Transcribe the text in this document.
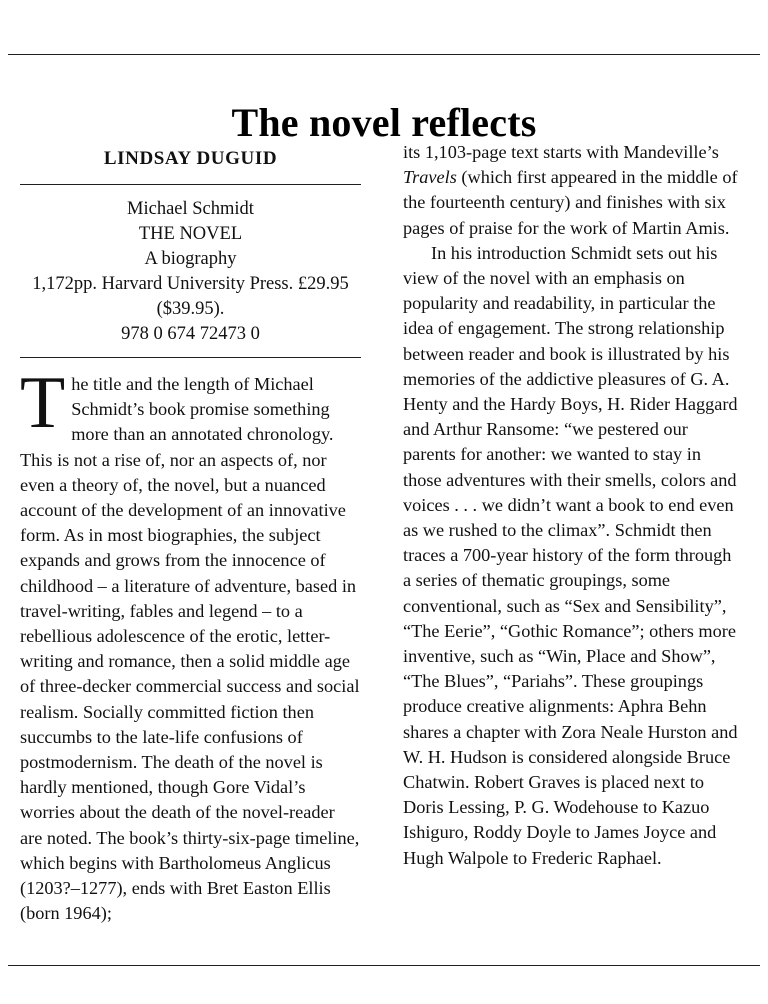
The novel reflects
LINDSAY DUGUID
Michael Schmidt
THE NOVEL
A biography
1,172pp. Harvard University Press. £29.95
($39.95).
978 0 674 72473 0

The title and the length of Michael Schmidt’s book promise something more than an annotated chronology. This is not a rise of, nor an aspects of, nor even a theory of, the novel, but a nuanced account of the development of an innovative form. As in most biographies, the subject expands and grows from the innocence of childhood – a literature of adventure, based in travel-writing, fables and legend – to a rebellious adolescence of the erotic, letter-writing and romance, then a solid middle age of three-decker commercial success and social realism. Socially committed fiction then succumbs to the late-life confusions of postmodernism. The death of the novel is hardly mentioned, though Gore Vidal’s worries about the death of the novel-reader are noted. The book’s thirty-six-page timeline, which begins with Bartholomeus Anglicus (1203?–1277), ends with Bret Easton Ellis (born 1964);

its 1,103-page text starts with Mandeville’s Travels (which first appeared in the middle of the fourteenth century) and finishes with six pages of praise for the work of Martin Amis.

In his introduction Schmidt sets out his view of the novel with an emphasis on popularity and readability, in particular the idea of engagement. The strong relationship between reader and book is illustrated by his memories of the addictive pleasures of G. A. Henty and the Hardy Boys, H. Rider Haggard and Arthur Ransome: “we pestered our parents for another: we wanted to stay in those adventures with their smells, colors and voices . . . we didn’t want a book to end even as we rushed to the climax”. Schmidt then traces a 700-year history of the form through a series of thematic groupings, some conventional, such as “Sex and Sensibility”, “The Eerie”, “Gothic Romance”; others more inventive, such as “Win, Place and Show”, “The Blues”, “Pariahs”. These groupings produce creative alignments: Aphra Behn shares a chapter with Zora Neale Hurston and W. H. Hudson is considered alongside Bruce Chatwin. Robert Graves is placed next to Doris Lessing, P. G. Wodehouse to Kazuo Ishiguro, Roddy Doyle to James Joyce and Hugh Walpole to Frederic Raphael.
